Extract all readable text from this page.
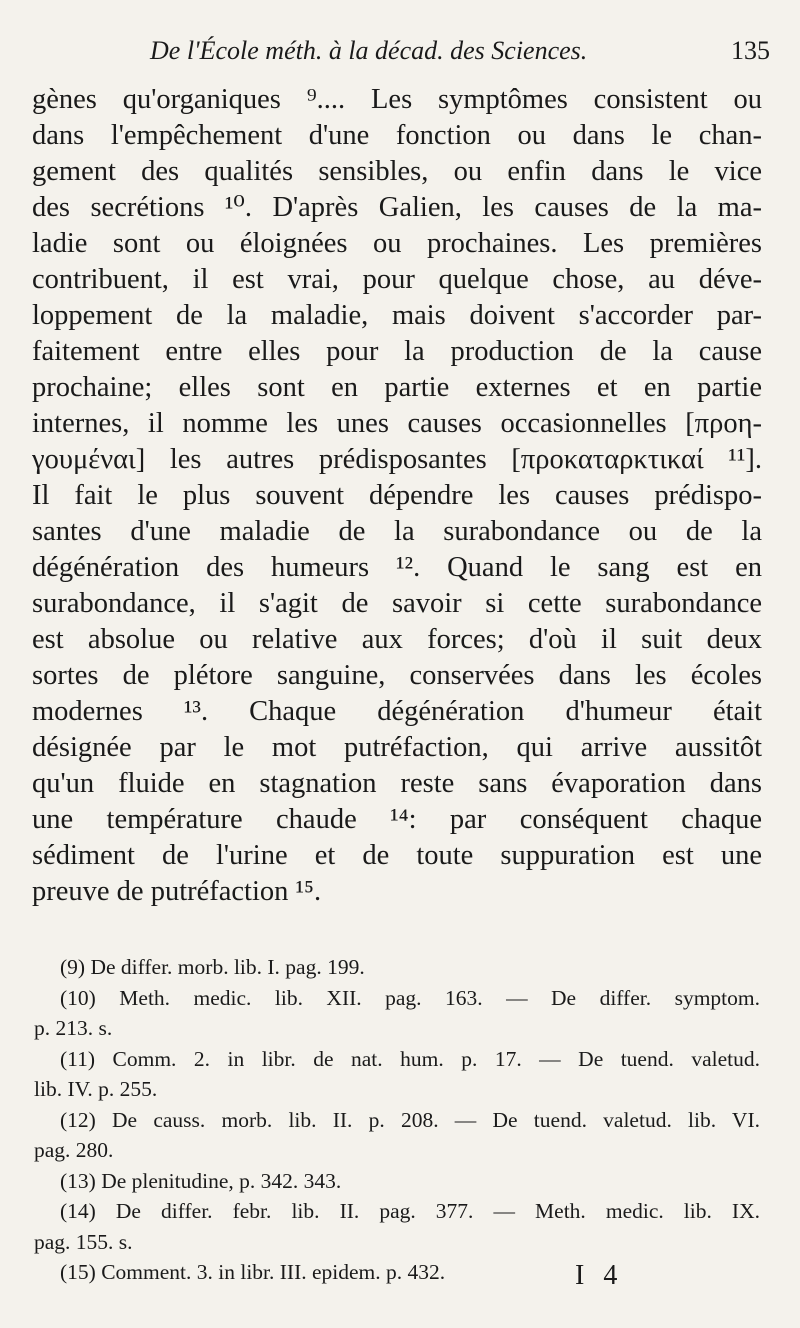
De l'École méth. à la décad. des Sciences.	135
gènes qu'organiques ⁹.... Les symptômes consistent ou
dans l'empêchement d'une fonction ou dans le chan-
gement des qualités sensibles, ou enfin dans le vice
des secrétions ¹⁰. D'après Galien, les causes de la ma-
ladie sont ou éloignées ou prochaines. Les premières
contribuent, il est vrai, pour quelque chose, au déve-
loppement de la maladie, mais doivent s'accorder par-
faitement entre elles pour la production de la cause
prochaine; elles sont en partie externes et en partie
internes, il nomme les unes causes occasionnelles [προη-
γουμέναι] les autres prédisposantes [προκαταρκτικαί ¹¹].
Il fait le plus souvent dépendre les causes prédispo-
santes d'une maladie de la surabondance ou de la
dégénération des humeurs ¹². Quand le sang est en
surabondance, il s'agit de savoir si cette surabondance
est absolue ou relative aux forces; d'où il suit deux
sortes de plétore sanguine, conservées dans les écoles
modernes ¹³. Chaque dégénération d'humeur était
désignée par le mot putréfaction, qui arrive aussitôt
qu'un fluide en stagnation reste sans évaporation dans
une température chaude ¹⁴: par conséquent chaque
sédiment de l'urine et de toute suppuration est une
preuve de putréfaction ¹⁵.
(9) De differ. morb. lib. I. pag. 199.
(10) Meth. medic. lib. XII. pag. 163. — De differ. symptom.
p. 213. s.
(11) Comm. 2. in libr. de nat. hum. p. 17. — De tuend. valetud.
lib. IV. p. 255.
(12) De causs. morb. lib. II. p. 208. — De tuend. valetud. lib. VI.
pag. 280.
(13) De plenitudine, p. 342. 343.
(14) De differ. febr. lib. II. pag. 377. — Meth. medic. lib. IX.
pag. 155. s.
(15) Comment. 3. in libr. III. epidem. p. 432.	I 4
